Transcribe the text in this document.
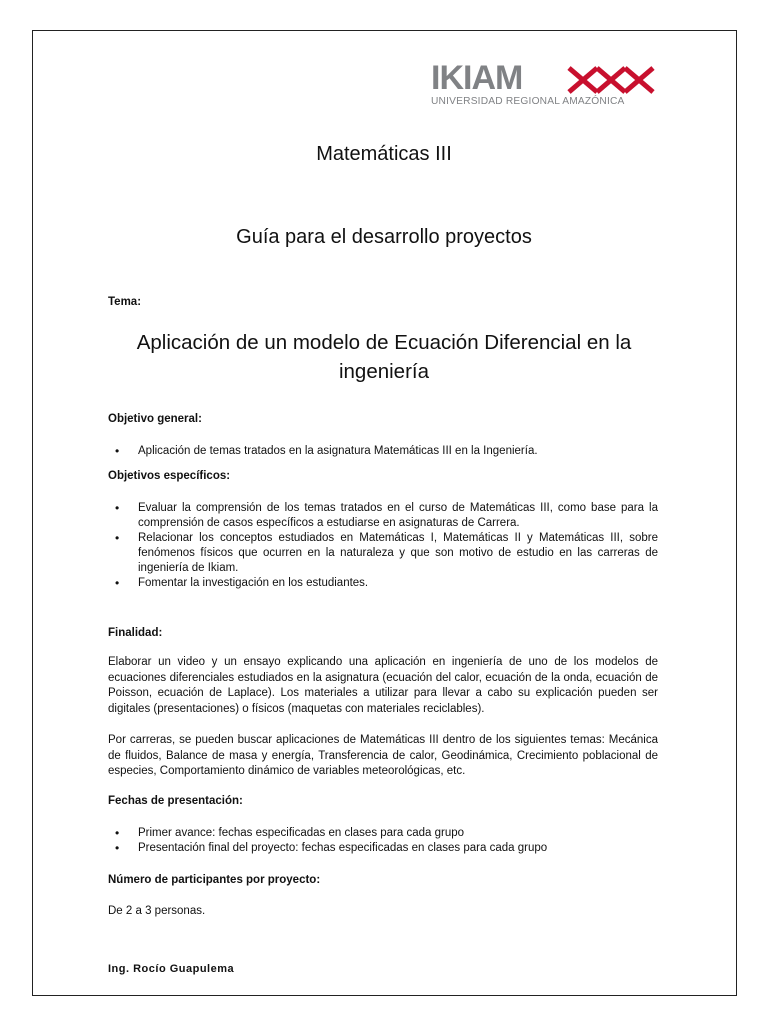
IKIAM
UNIVERSIDAD REGIONAL AMAZÓNICA
Matemáticas III
Guía para el desarrollo proyectos
Tema:
Aplicación de un modelo de Ecuación Diferencial en la ingeniería
Objetivo general:
• Aplicación de temas tratados en la asignatura Matemáticas III en la Ingeniería.
Objetivos específicos:
• Evaluar la comprensión de los temas tratados en el curso de Matemáticas III, como base para la comprensión de casos específicos a estudiarse en asignaturas de Carrera.
• Relacionar los conceptos estudiados en Matemáticas I, Matemáticas II y Matemáticas III, sobre fenómenos físicos que ocurren en la naturaleza y que son motivo de estudio en las carreras de ingeniería de Ikiam.
• Fomentar la investigación en los estudiantes.
Finalidad:

Elaborar un video y un ensayo explicando una aplicación en ingeniería de uno de los modelos de ecuaciones diferenciales estudiados en la asignatura (ecuación del calor, ecuación de la onda, ecuación de Poisson, ecuación de Laplace). Los materiales a utilizar para llevar a cabo su explicación pueden ser digitales (presentaciones) o físicos (maquetas con materiales reciclables).

Por carreras, se pueden buscar aplicaciones de Matemáticas III dentro de los siguientes temas: Mecánica de fluidos, Balance de masa y energía, Transferencia de calor, Geodinámica, Crecimiento poblacional de especies, Comportamiento dinámico de variables meteorológicas, etc.

Fechas de presentación:
• Primer avance: fechas especificadas en clases para cada grupo
• Presentación final del proyecto: fechas especificadas en clases para cada grupo
Número de participantes por proyecto:

De 2 a 3 personas.

Ing. Rocío Guapulema
